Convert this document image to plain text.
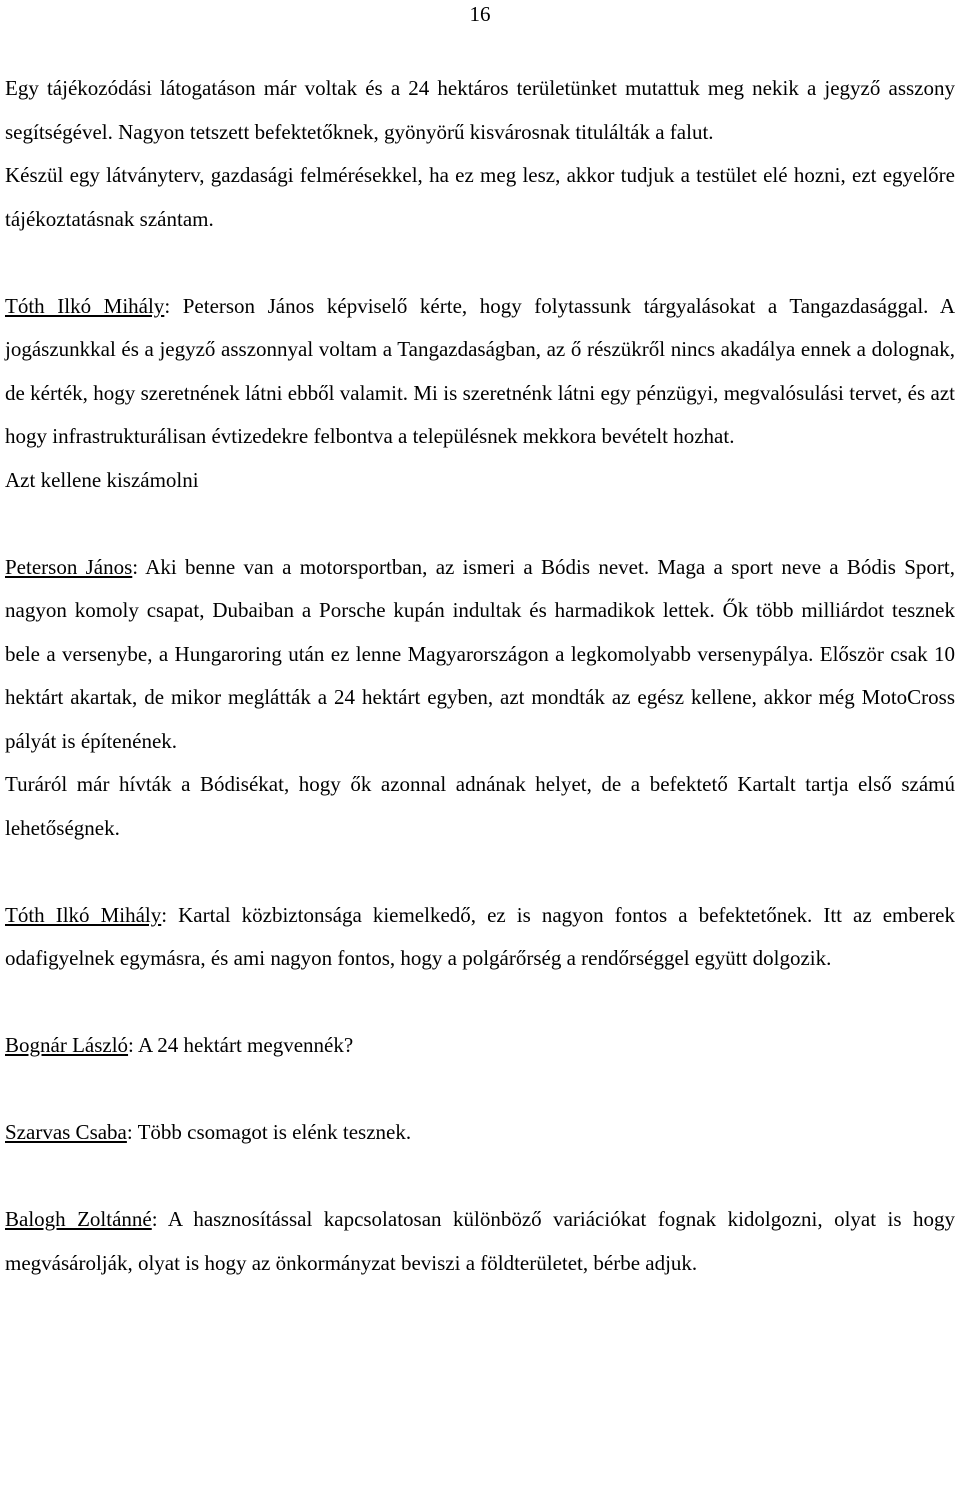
16

Egy tájékozódási látogatáson már voltak és a 24 hektáros területünket mutattuk meg nekik a jegyző asszony segítségével. Nagyon tetszett befektetőknek, gyönyörű kisvárosnak titulálták a falut.

Készül egy látványterv, gazdasági felmérésekkel, ha ez meg lesz, akkor tudjuk a testület elé hozni, ezt egyelőre tájékoztatásnak szántam.

Tóth Ilkó Mihály: Peterson János képviselő kérte, hogy folytassunk tárgyalásokat a Tangazdasággal. A jogászunkkal és a jegyző asszonnyal voltam a Tangazdaságban, az ő részükről nincs akadálya ennek a dolognak, de kérték, hogy szeretnének látni ebből valamit. Mi is szeretnénk látni egy pénzügyi, megvalósulási tervet, és azt hogy infrastrukturálisan évtizedekre felbontva a településnek mekkora bevételt hozhat.

Azt kellene kiszámolni

Peterson János: Aki benne van a motorsportban, az ismeri a Bódis nevet. Maga a sport neve a Bódis Sport, nagyon komoly csapat, Dubaiban a Porsche kupán indultak és harmadikok lettek. Ők több milliárdot tesznek bele a versenybe, a Hungaroring után ez lenne Magyarországon a legkomolyabb versenypálya. Először csak 10 hektárt akartak, de mikor meglátták a 24 hektárt egyben, azt mondták az egész kellene, akkor még MotoCross pályát is építenének.

Turáról már hívták a Bódisékat, hogy ők azonnal adnának helyet, de a befektető Kartalt tartja első számú lehetőségnek.

Tóth Ilkó Mihály: Kartal közbiztonsága kiemelkedő, ez is nagyon fontos a befektetőnek. Itt az emberek odafigyelnek egymásra, és ami nagyon fontos, hogy a polgárőrség a rendőrséggel együtt dolgozik.

Bognár László: A 24 hektárt megvennék?

Szarvas Csaba: Több csomagot is elénk tesznek.

Balogh Zoltánné: A hasznosítással kapcsolatosan különböző variációkat fognak kidolgozni, olyat is hogy megvásárolják, olyat is hogy az önkormányzat beviszi a földterületet, bérbe adjuk.
